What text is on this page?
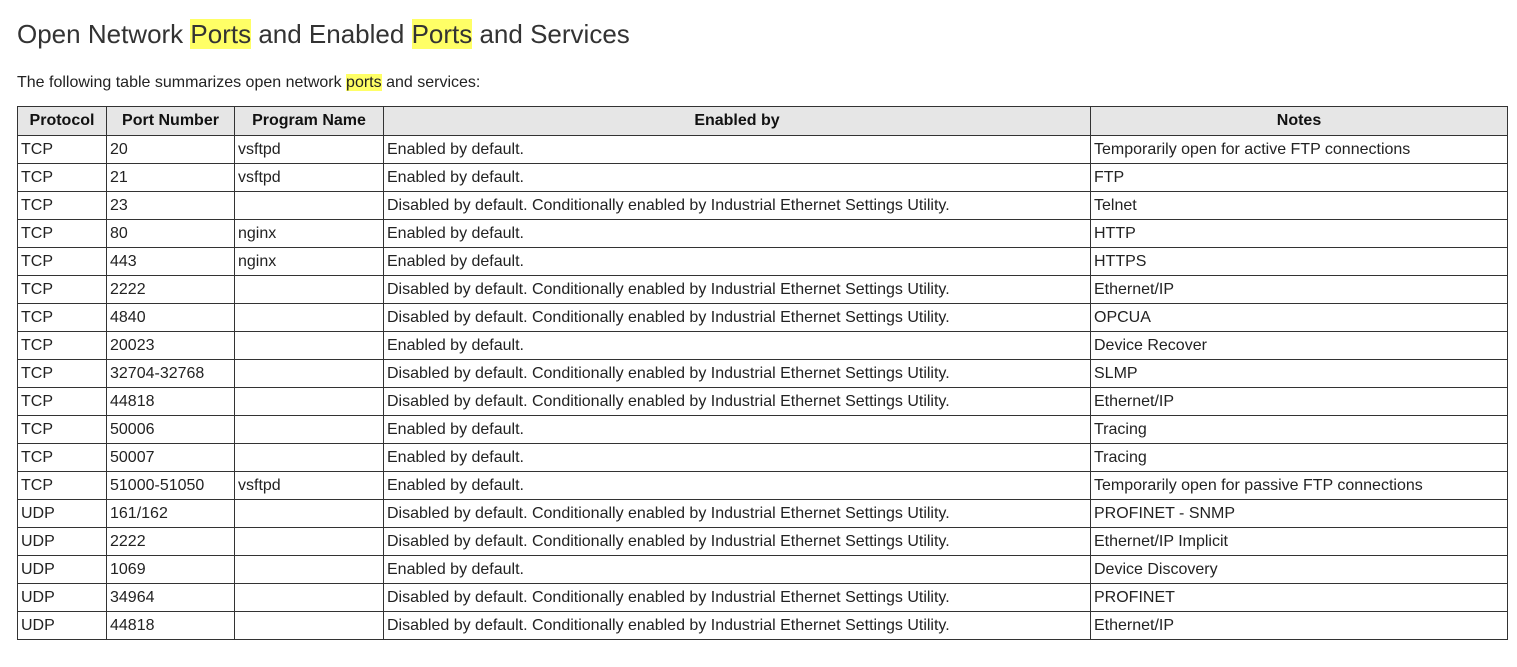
Open Network Ports and Enabled Ports and Services

The following table summarizes open network ports and services:

Protocol	Port Number	Program Name	Enabled by	Notes
TCP	20	vsftpd	Enabled by default.	Temporarily open for active FTP connections
TCP	21	vsftpd	Enabled by default.	FTP
TCP	23		Disabled by default. Conditionally enabled by Industrial Ethernet Settings Utility.	Telnet
TCP	80	nginx	Enabled by default.	HTTP
TCP	443	nginx	Enabled by default.	HTTPS
TCP	2222		Disabled by default. Conditionally enabled by Industrial Ethernet Settings Utility.	Ethernet/IP
TCP	4840		Disabled by default. Conditionally enabled by Industrial Ethernet Settings Utility.	OPCUA
TCP	20023		Enabled by default.	Device Recover
TCP	32704-32768		Disabled by default. Conditionally enabled by Industrial Ethernet Settings Utility.	SLMP
TCP	44818		Disabled by default. Conditionally enabled by Industrial Ethernet Settings Utility.	Ethernet/IP
TCP	50006		Enabled by default.	Tracing
TCP	50007		Enabled by default.	Tracing
TCP	51000-51050	vsftpd	Enabled by default.	Temporarily open for passive FTP connections
UDP	161/162		Disabled by default. Conditionally enabled by Industrial Ethernet Settings Utility.	PROFINET - SNMP
UDP	2222		Disabled by default. Conditionally enabled by Industrial Ethernet Settings Utility.	Ethernet/IP Implicit
UDP	1069		Enabled by default.	Device Discovery
UDP	34964		Disabled by default. Conditionally enabled by Industrial Ethernet Settings Utility.	PROFINET
UDP	44818		Disabled by default. Conditionally enabled by Industrial Ethernet Settings Utility.	Ethernet/IP
